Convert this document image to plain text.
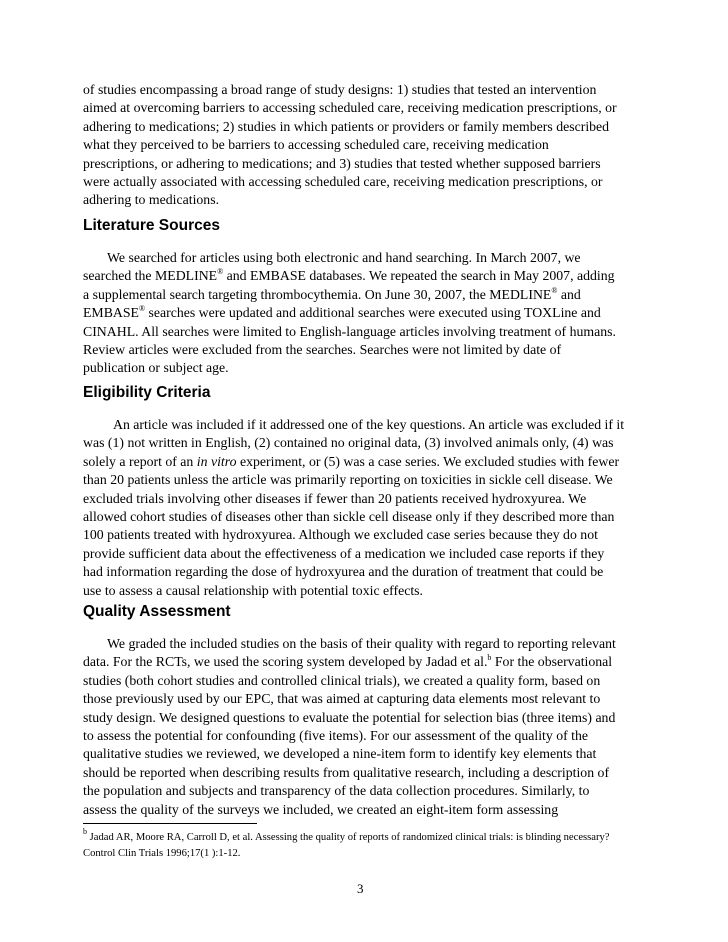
of studies encompassing a broad range of study designs: 1) studies that tested an intervention
aimed at overcoming barriers to accessing scheduled care, receiving medication prescriptions, or
adhering to medications; 2) studies in which patients or providers or family members described
what they perceived to be barriers to accessing scheduled care, receiving medication
prescriptions, or adhering to medications; and 3) studies that tested whether supposed barriers
were actually associated with accessing scheduled care, receiving medication prescriptions, or
adhering to medications.
Literature Sources
We searched for articles using both electronic and hand searching. In March 2007, we
searched the MEDLINE® and EMBASE databases. We repeated the search in May 2007, adding
a supplemental search targeting thrombocythemia. On June 30, 2007, the MEDLINE® and
EMBASE® searches were updated and additional searches were executed using TOXLine and
CINAHL. All searches were limited to English-language articles involving treatment of humans.
Review articles were excluded from the searches. Searches were not limited by date of
publication or subject age.
Eligibility Criteria
An article was included if it addressed one of the key questions. An article was excluded if it
was (1) not written in English, (2) contained no original data, (3) involved animals only, (4) was
solely a report of an in vitro experiment, or (5) was a case series. We excluded studies with fewer
than 20 patients unless the article was primarily reporting on toxicities in sickle cell disease. We
excluded trials involving other diseases if fewer than 20 patients received hydroxyurea. We
allowed cohort studies of diseases other than sickle cell disease only if they described more than
100 patients treated with hydroxyurea. Although we excluded case series because they do not
provide sufficient data about the effectiveness of a medication we included case reports if they
had information regarding the dose of hydroxyurea and the duration of treatment that could be
use to assess a causal relationship with potential toxic effects.
Quality Assessment
We graded the included studies on the basis of their quality with regard to reporting relevant
data. For the RCTs, we used the scoring system developed by Jadad et al.$^b$ For the observational
studies (both cohort studies and controlled clinical trials), we created a quality form, based on
those previously used by our EPC, that was aimed at capturing data elements most relevant to
study design. We designed questions to evaluate the potential for selection bias (three items) and
to assess the potential for confounding (five items). For our assessment of the quality of the
qualitative studies we reviewed, we developed a nine-item form to identify key elements that
should be reported when describing results from qualitative research, including a description of
the population and subjects and transparency of the data collection procedures. Similarly, to
assess the quality of the surveys we included, we created an eight-item form assessing
$^b$ Jadad AR, Moore RA, Carroll D, et al. Assessing the quality of reports of randomized clinical trials: is blinding necessary?
Control Clin Trials 1996;17(1 ):1-12.
3
